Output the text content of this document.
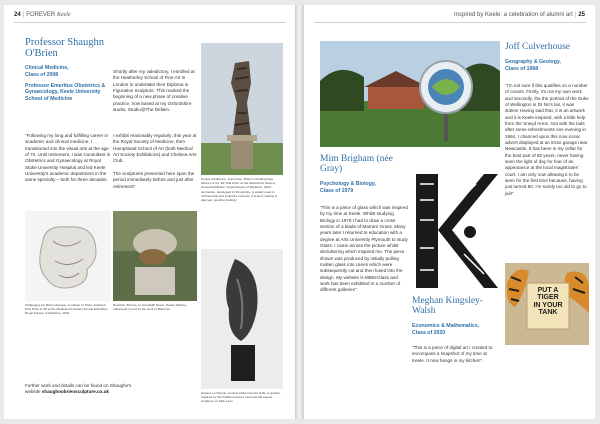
24 | FOREVER Keele
Professor Shaughn O'Brien
Clinical Medicine,
Class of 2008
Professor Emeritus Obstetrics & Gynaecology, Keele University School of Medicine
"Following my long and fulfilling career in academic and clinical medicine, I transitioned into the visual arts at the age of 70. Until retirement, I was Consultant in Obstetrics and Gynaecology at Royal Stoke University Hospital and led Keele University's academic department in the same specialty – both for three decades.
Shortly after my valedictory, I enrolled at the Heatherley School of Fine Art in London to undertake their Diploma in Figurative Sculpture. This marked the beginning of a new phase of creative practice, now based at my Oxfordshire studio, Studio@The Dellam.
I exhibit reasonably regularly; this year at the Royal Society of Medicine, then Hampstead School of Art (both Medical Art Society Exhibitions) and Chelsea Arts Club.
The sculptures presented here span the period immediately before and just after retirement".
People Resilience. Jesmonite. 150cm including base. Winner of the 'Eli Thal Prize' at the Medical Art Society Annual Exhibition, Royal Society of Medicine, 2024. Jesmonite, developed in Shropshire, is widely used in architectural and sculpture contexts. A bronze casting is planned, pending funding!
Challenges for Marc Liberique, in plaster of Paris. Awarded First Prize in 3D at the Medical Art Society Annual Exhibition, Royal Society of Medicine, 2022
Reaction: Bronze on Grindelith Stone, Hearts Wardey. Influenced in part by the work of Brancusi.
Espace en Paroile. Limited edition bronze (1/9) on granite. Inspired by Nic Fiddian-Green's monumental equine sculpture on Park Lane.
Further work and details can be found on Shaughn's website shaughnobriensculpture.co.uk
Inspired by Keele: a celebration of alumni art | 25
Mim Brigham (née Gray)
Psychology & Biology,
Class of 1979
"This is a piece of glass which was inspired by my time at Keele. Whilst studying Biology in 1975 I had to draw a cross section of a blade of Marram Grass. Many years later I returned to education with a degree at Arts University Plymouth to study Glass. I came across the picture whilst decluttering which inspired me. The piece shown was produced by initially pulling molten glass into canes which were subsequently cut and then fused into the design. My website is MBM-Glass and work has been exhibited in a number of different galleries".
Meghan Kingsley-Walsh
Economics & Mathematics,
Class of 2020
"This is a piece of digital art I created to encompass a snapshot of my time at Keele. It now hangs in my kitchen".
Joff Culverhouse
Geography & Geology,
Class of 1968
"I'm not sure if this qualifies on a number of counts. Firstly, it's not my own work and secondly, the the portrait of the Duke of Wellington in Dr No's lair, it was stolen! Having said that, it is an artwork and it is Keele-inspired, with a little help from the Sneyd Arms. Out with the lads after some refreshments one evening in 1964, I chanced upon this now iconic advert displayed at an Esso garage near Newcastle. It has been in my cellar for the best part of 60 years, never having seen the light of day for fear of an appearance at the local magistrates' court. I am only now allowing it to be seen for the first time because, having just turned 80, I'm surely too old to go to jail!"
PUT A
TIGER
IN YOUR
TANK
